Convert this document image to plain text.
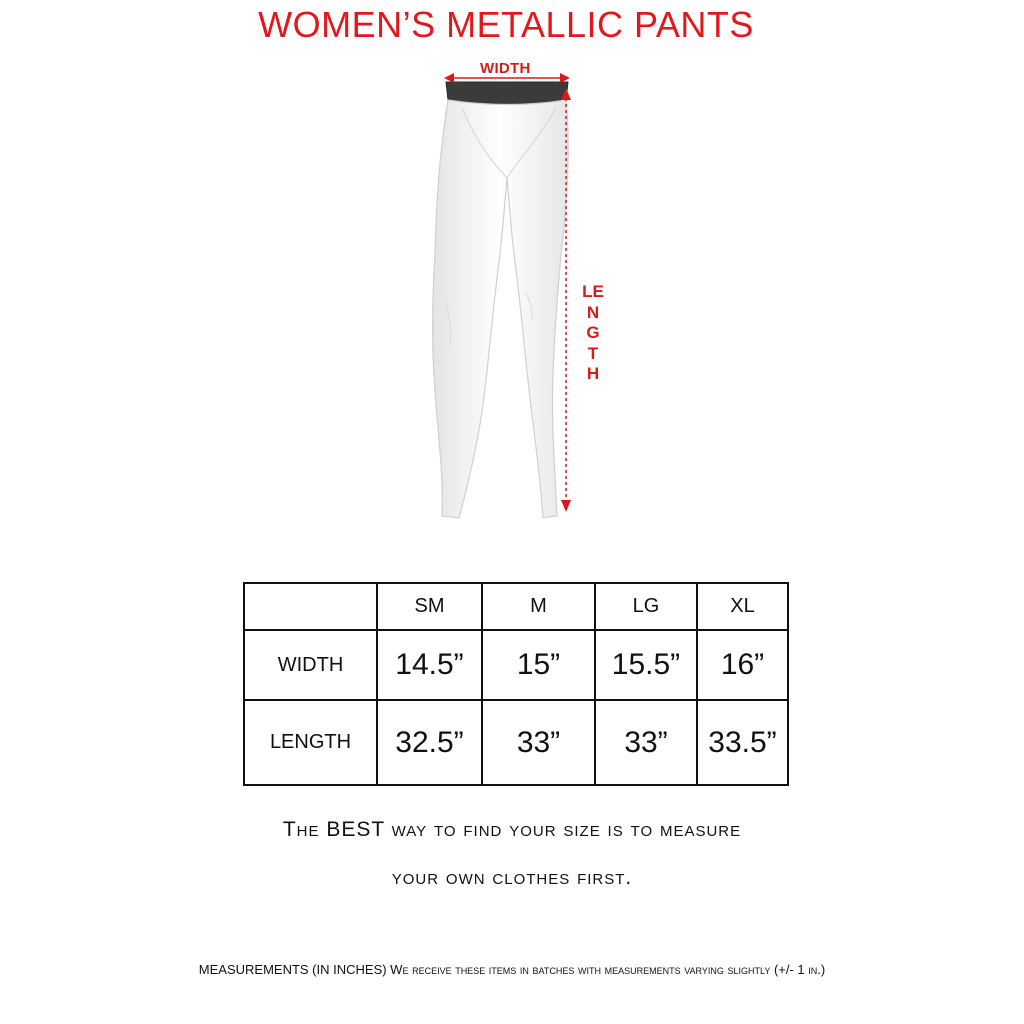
WOMEN’S METALLIC PANTS
WIDTH
LENGTH
	SM	M	LG	XL
WIDTH	14.5”	15”	15.5”	16”
LENGTH	32.5”	33”	33”	33.5”
The BEST way to find your size is to measure
your own clothes first.
MEASUREMENTS (IN INCHES) We receive these items in batches with measurements varying slightly (+/- 1 in.)
